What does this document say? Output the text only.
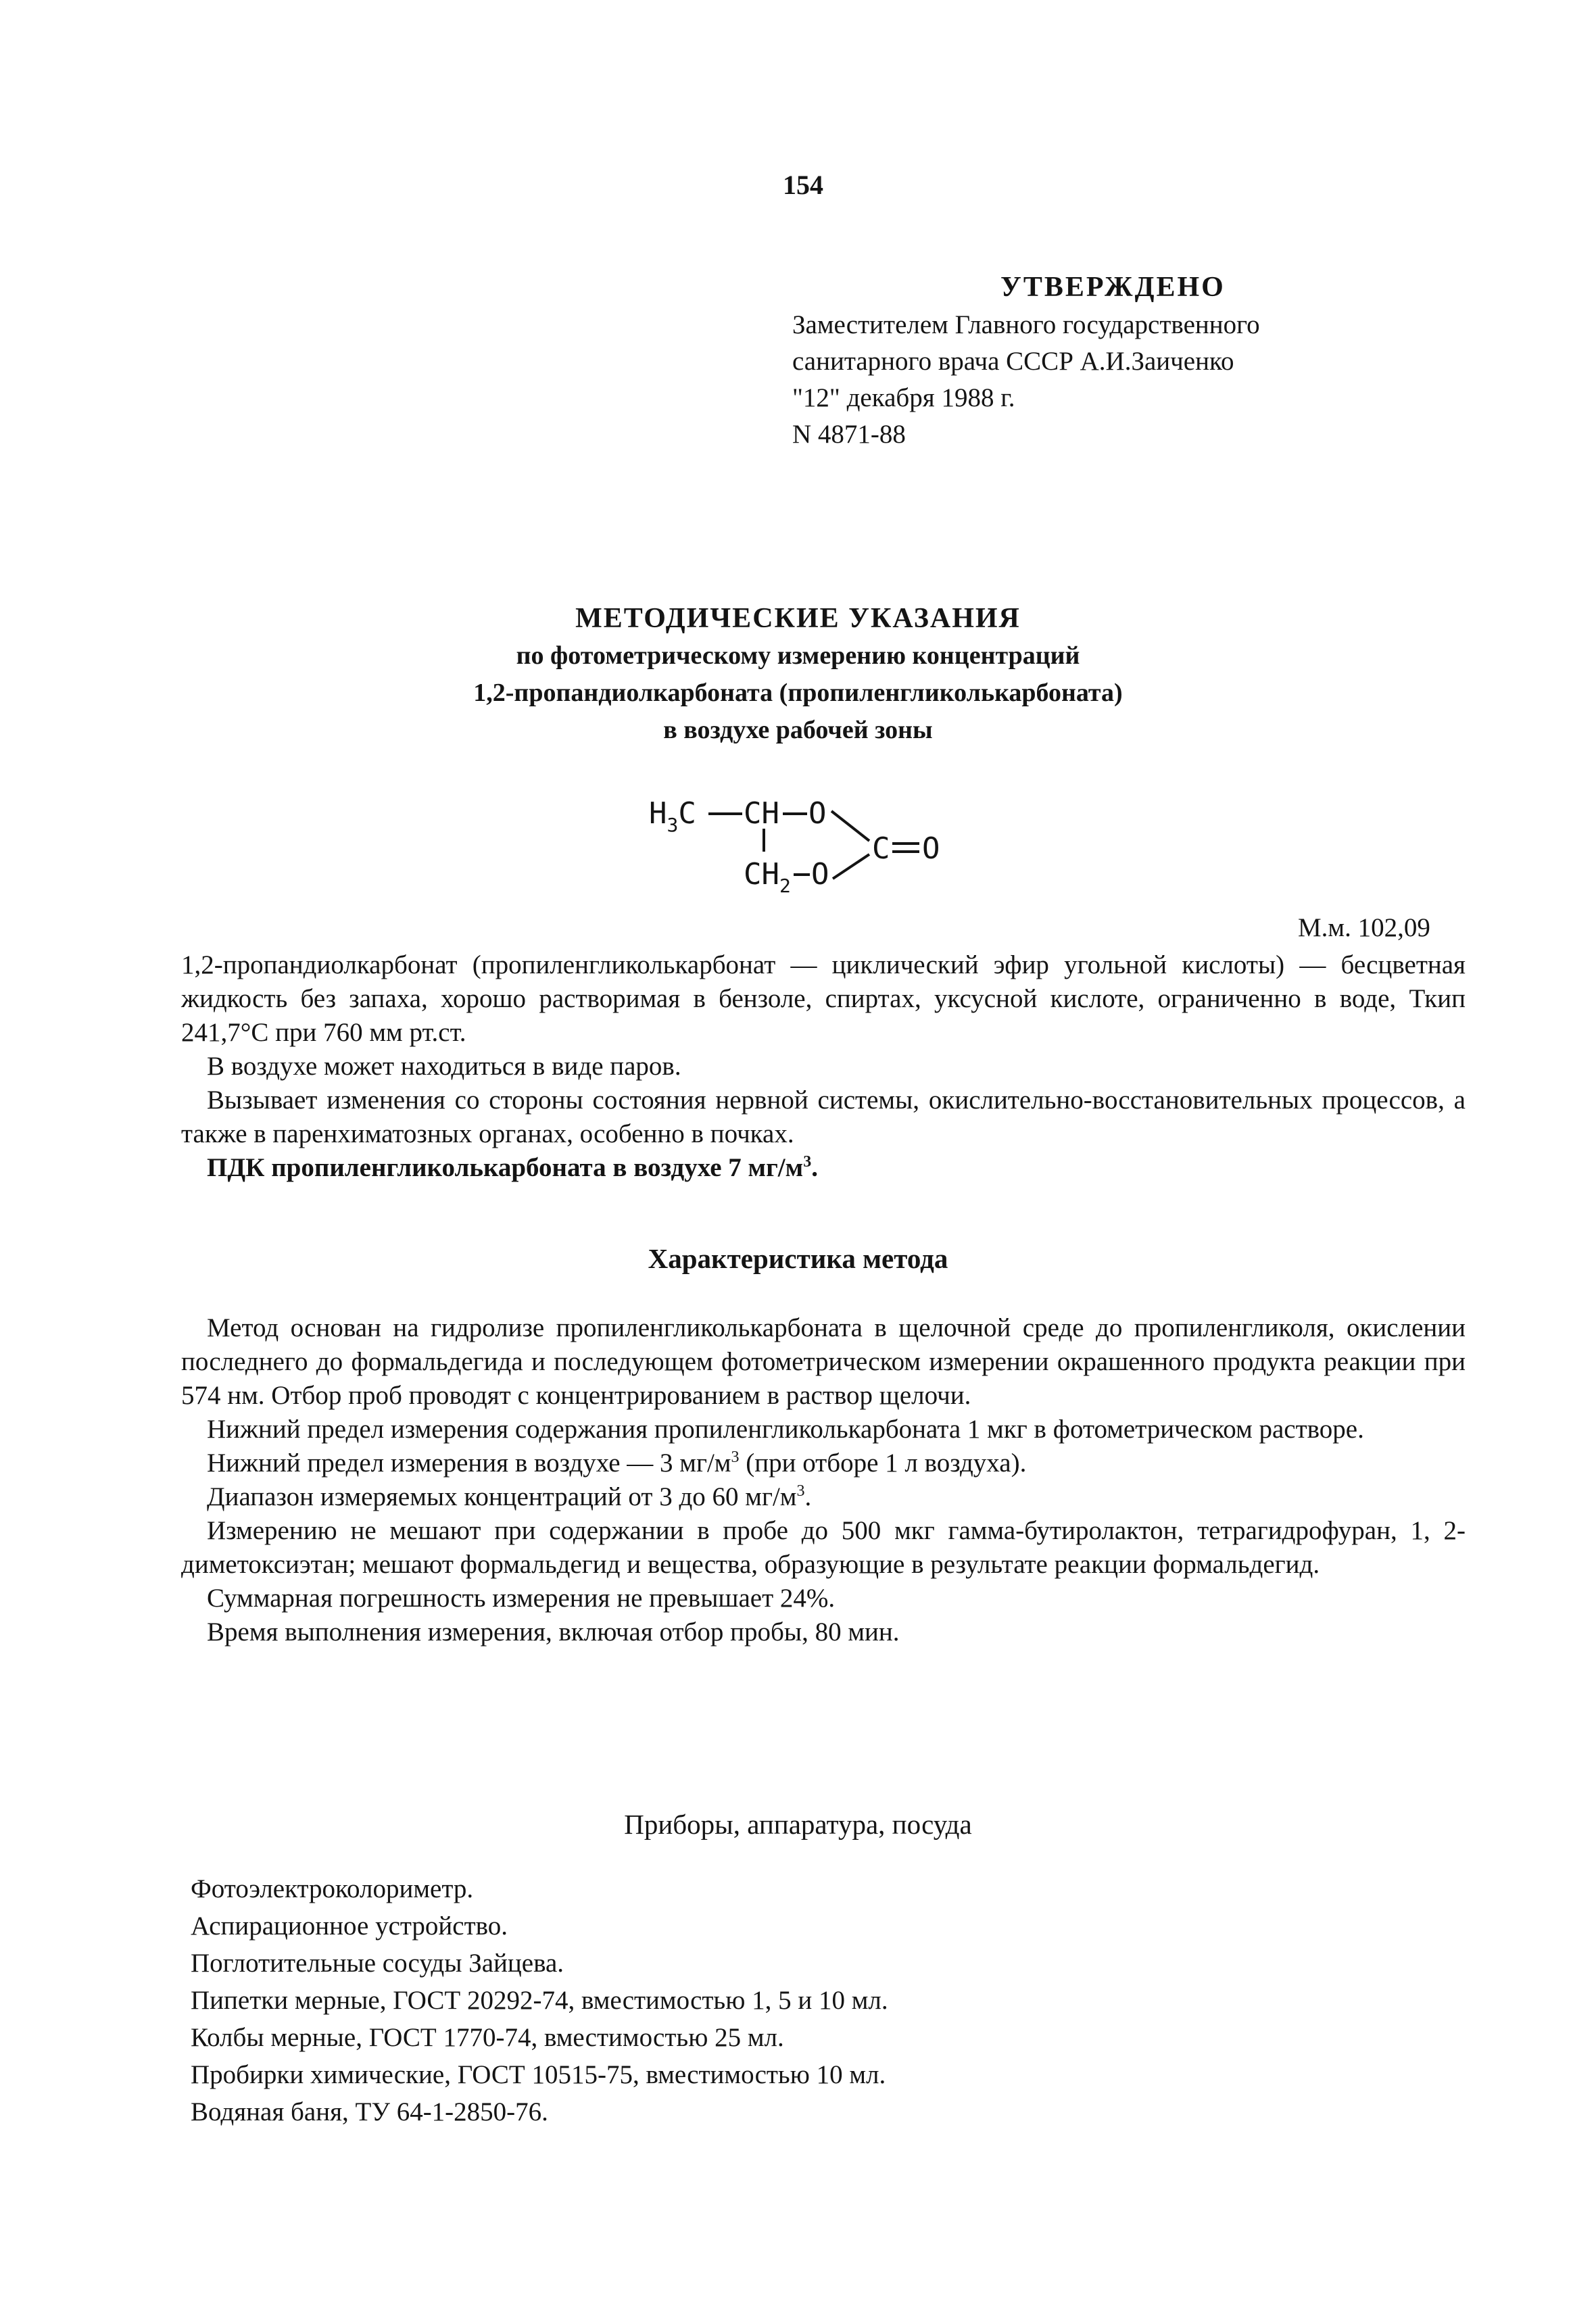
154
УТВЕРЖДЕНО
Заместителем Главного государственного
санитарного врача СССР А.И.Заиченко
"12" декабря 1988 г.
N 4871-88
МЕТОДИЧЕСКИЕ УКАЗАНИЯ
по фотометрическому измерению концентраций
1,2-пропандиолкарбоната (пропиленгликолькарбоната)
в воздухе рабочей зоны
$H_3C$ CH O
$CH_2$ O
C O
М.м. 102,09
1,2-пропандиолкарбонат (пропиленгликолькарбонат — циклический эфир угольной кислоты) — бесцветная жидкость без запаха, хорошо растворимая в бензоле, спиртах, уксусной кислоте, ограниченно в воде, Ткип 241,7°С при 760 мм рт.ст.
В воздухе может находиться в виде паров.
Вызывает изменения со стороны состояния нервной системы, окислительно-восстановительных процессов, а также в паренхиматозных органах, особенно в почках.
ПДК пропиленгликолькарбоната в воздухе 7 $мг/м^3$.
Характеристика метода
Метод основан на гидролизе пропиленгликолькарбоната в щелочной среде до пропиленгликоля, окислении последнего до формальдегида и последующем фотометрическом измерении окрашенного продукта реакции при 574 нм. Отбор проб проводят с концентрированием в раствор щелочи.
Нижний предел измерения содержания пропиленгликолькарбоната 1 мкг в фотометрическом растворе.
Нижний предел измерения в воздухе — 3 $мг/м^3$ (при отборе 1 л воздуха).
Диапазон измеряемых концентраций от 3 до 60 $мг/м^3$.
Измерению не мешают при содержании в пробе до 500 мкг гамма-бутиролактон, тетрагидрофуран, 1, 2-диметоксиэтан; мешают формальдегид и вещества, образующие в результате реакции формальдегид.
Суммарная погрешность измерения не превышает 24%.
Время выполнения измерения, включая отбор пробы, 80 мин.
Приборы, аппаратура, посуда
Фотоэлектроколориметр.
Аспирационное устройство.
Поглотительные сосуды Зайцева.
Пипетки мерные, ГОСТ 20292-74, вместимостью 1, 5 и 10 мл.
Колбы мерные, ГОСТ 1770-74, вместимостью 25 мл.
Пробирки химические, ГОСТ 10515-75, вместимостью 10 мл.
Водяная баня, ТУ 64-1-2850-76.
